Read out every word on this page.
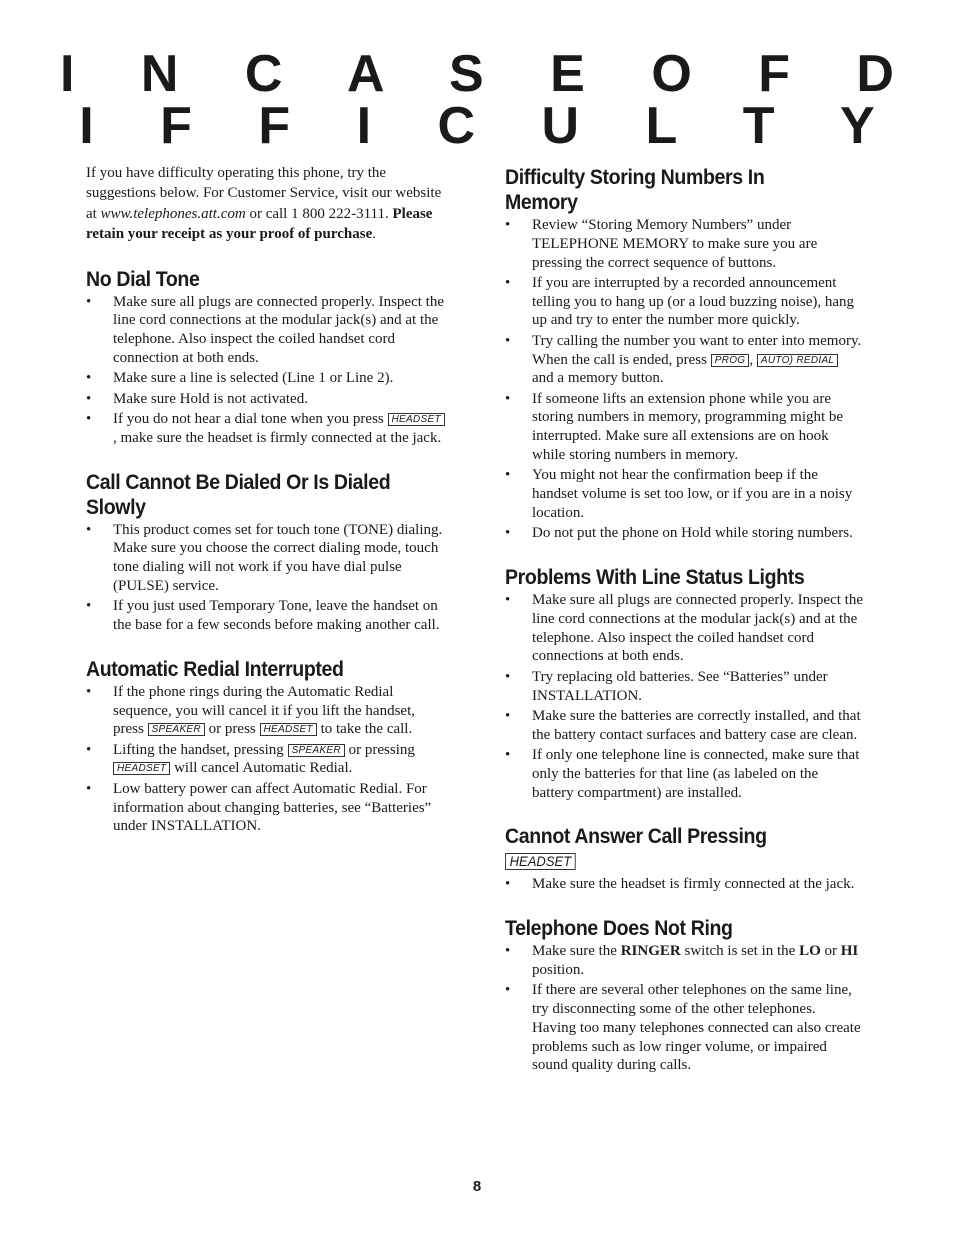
I N C A S E O F D I F F I C U L T Y

If you have difficulty operating this phone, try the suggestions below. For Customer Service, visit our website at www.telephones.att.com or call 1 800 222-3111. Please retain your receipt as your proof of purchase.

No Dial Tone
• Make sure all plugs are connected properly. Inspect the line cord connections at the modular jack(s) and at the telephone. Also inspect the coiled handset cord connection at both ends.
• Make sure a line is selected (Line 1 or Line 2).
• Make sure Hold is not activated.
• If you do not hear a dial tone when you press HEADSET, make sure the headset is firmly connected at the jack.
Call Cannot Be Dialed Or Is Dialed Slowly
• This product comes set for touch tone (TONE) dialing. Make sure you choose the correct dialing mode, touch tone dialing will not work if you have dial pulse (PULSE) service.
• If you just used Temporary Tone, leave the handset on the base for a few seconds before making another call.
Automatic Redial Interrupted
• If the phone rings during the Automatic Redial sequence, you will cancel it if you lift the handset, press SPEAKER or press HEADSET to take the call.
• Lifting the handset, pressing SPEAKER or pressing HEADSET will cancel Automatic Redial.
• Low battery power can affect Automatic Redial. For information about changing batteries, see “Batteries” under INSTALLATION.
Difficulty Storing Numbers In Memory
• Review “Storing Memory Numbers” under TELEPHONE MEMORY to make sure you are pressing the correct sequence of buttons.
• If you are interrupted by a recorded announcement telling you to hang up (or a loud buzzing noise), hang up and try to enter the number more quickly.
• Try calling the number you want to enter into memory. When the call is ended, press PROG , AUTO) REDIAL and a memory button.
• If someone lifts an extension phone while you are storing numbers in memory, programming might be interrupted. Make sure all extensions are on hook while storing numbers in memory.
• You might not hear the confirmation beep if the handset volume is set too low, or if you are in a noisy location.
• Do not put the phone on Hold while storing numbers.
Problems With Line Status Lights
• Make sure all plugs are connected properly. Inspect the line cord connections at the modular jack(s) and at the telephone. Also inspect the coiled handset cord connections at both ends.
• Try replacing old batteries. See “Batteries” under INSTALLATION.
• Make sure the batteries are correctly installed, and that the battery contact surfaces and battery case are clean.
• If only one telephone line is connected, make sure that only the batteries for that line (as labeled on the battery compartment) are installed.
Cannot Answer Call Pressing HEADSET
• Make sure the headset is firmly connected at the jack.
Telephone Does Not Ring
• Make sure the RINGER switch is set in the LO or HI position.
• If there are several other telephones on the same line, try disconnecting some of the other telephones. Having too many telephones connected can also create problems such as low ringer volume, or impaired sound quality during calls.
8
